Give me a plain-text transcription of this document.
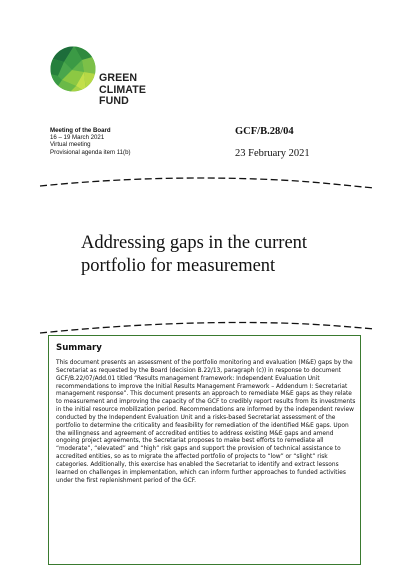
GREEN
CLIMATE
FUND
Meeting of the Board
16 – 19 March 2021
Virtual meeting
Provisional agenda item 11(b)
GCF/B.28/04
23 February 2021
Addressing gaps in the current
portfolio for measurement
Summary
This document presents an assessment of the portfolio monitoring and evaluation (M&E) gaps by the Secretariat as requested by the Board (decision B.22/13, paragraph (c)) in response to document GCF/B.22/07/Add.01 titled “Results management framework: Independent Evaluation Unit recommendations to improve the Initial Results Management Framework – Addendum I: Secretariat management response”. This document presents an approach to remediate M&E gaps as they relate to measurement and improving the capacity of the GCF to credibly report results from its investments in the initial resource mobilization period. Recommendations are informed by the independent review conducted by the Independent Evaluation Unit and a risks-based Secretariat assessment of the portfolio to determine the criticality and feasibility for remediation of the identified M&E gaps. Upon the willingness and agreement of accredited entities to address existing M&E gaps and amend ongoing project agreements, the Secretariat proposes to make best efforts to remediate all “moderate”, “elevated” and “high” risk gaps and support the provision of technical assistance to accredited entities, so as to migrate the affected portfolio of projects to “low” or “slight” risk categories. Additionally, this exercise has enabled the Secretariat to identify and extract lessons learned on challenges in implementation, which can inform further approaches to funded activities under the first replenishment period of the GCF.
